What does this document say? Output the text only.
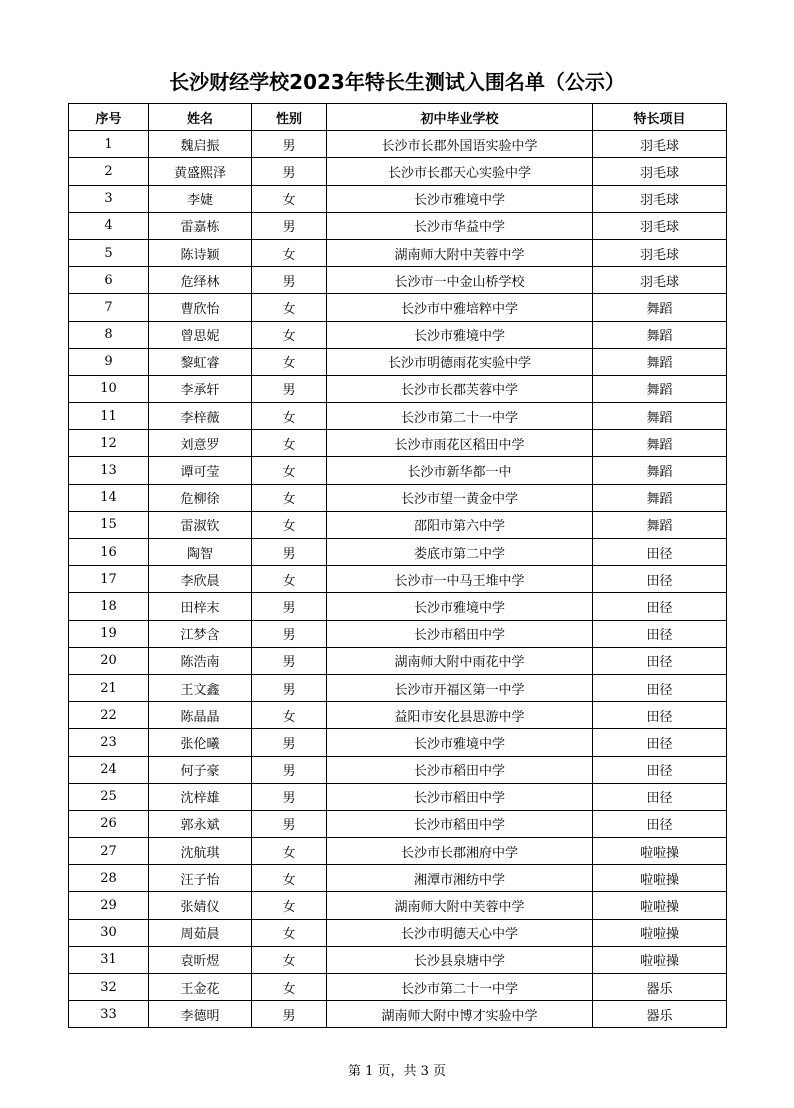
长沙财经学校2023年特长生测试入围名单（公示）
序号	姓名	性别	初中毕业学校	特长项目
1	魏启振	男	长沙市长郡外国语实验中学	羽毛球
2	黄盛熙泽	男	长沙市长郡天心实验中学	羽毛球
3	李婕	女	长沙市雅境中学	羽毛球
4	雷嘉栋	男	长沙市华益中学	羽毛球
5	陈诗颖	女	湖南师大附中芙蓉中学	羽毛球
6	危绎林	男	长沙市一中金山桥学校	羽毛球
7	曹欣怡	女	长沙市中雅培粹中学	舞蹈
8	曾思妮	女	长沙市雅境中学	舞蹈
9	黎虹睿	女	长沙市明德雨花实验中学	舞蹈
10	李承轩	男	长沙市长郡芙蓉中学	舞蹈
11	李梓薇	女	长沙市第二十一中学	舞蹈
12	刘意罗	女	长沙市雨花区稻田中学	舞蹈
13	谭可莹	女	长沙市新华都一中	舞蹈
14	危柳徐	女	长沙市望一黄金中学	舞蹈
15	雷淑钦	女	邵阳市第六中学	舞蹈
16	陶智	男	娄底市第二中学	田径
17	李欣晨	女	长沙市一中马王堆中学	田径
18	田梓末	男	长沙市雅境中学	田径
19	江梦含	男	长沙市稻田中学	田径
20	陈浩南	男	湖南师大附中雨花中学	田径
21	王文鑫	男	长沙市开福区第一中学	田径
22	陈晶晶	女	益阳市安化县思游中学	田径
23	张伦曦	男	长沙市雅境中学	田径
24	何子豪	男	长沙市稻田中学	田径
25	沈梓雄	男	长沙市稻田中学	田径
26	郭永斌	男	长沙市稻田中学	田径
27	沈航琪	女	长沙市长郡湘府中学	啦啦操
28	汪子怡	女	湘潭市湘纺中学	啦啦操
29	张婧仪	女	湖南师大附中芙蓉中学	啦啦操
30	周茹晨	女	长沙市明德天心中学	啦啦操
31	袁昕煜	女	长沙县泉塘中学	啦啦操
32	王金花	女	长沙市第二十一中学	器乐
33	李德明	男	湖南师大附中博才实验中学	器乐
第 1 页，共 3 页
